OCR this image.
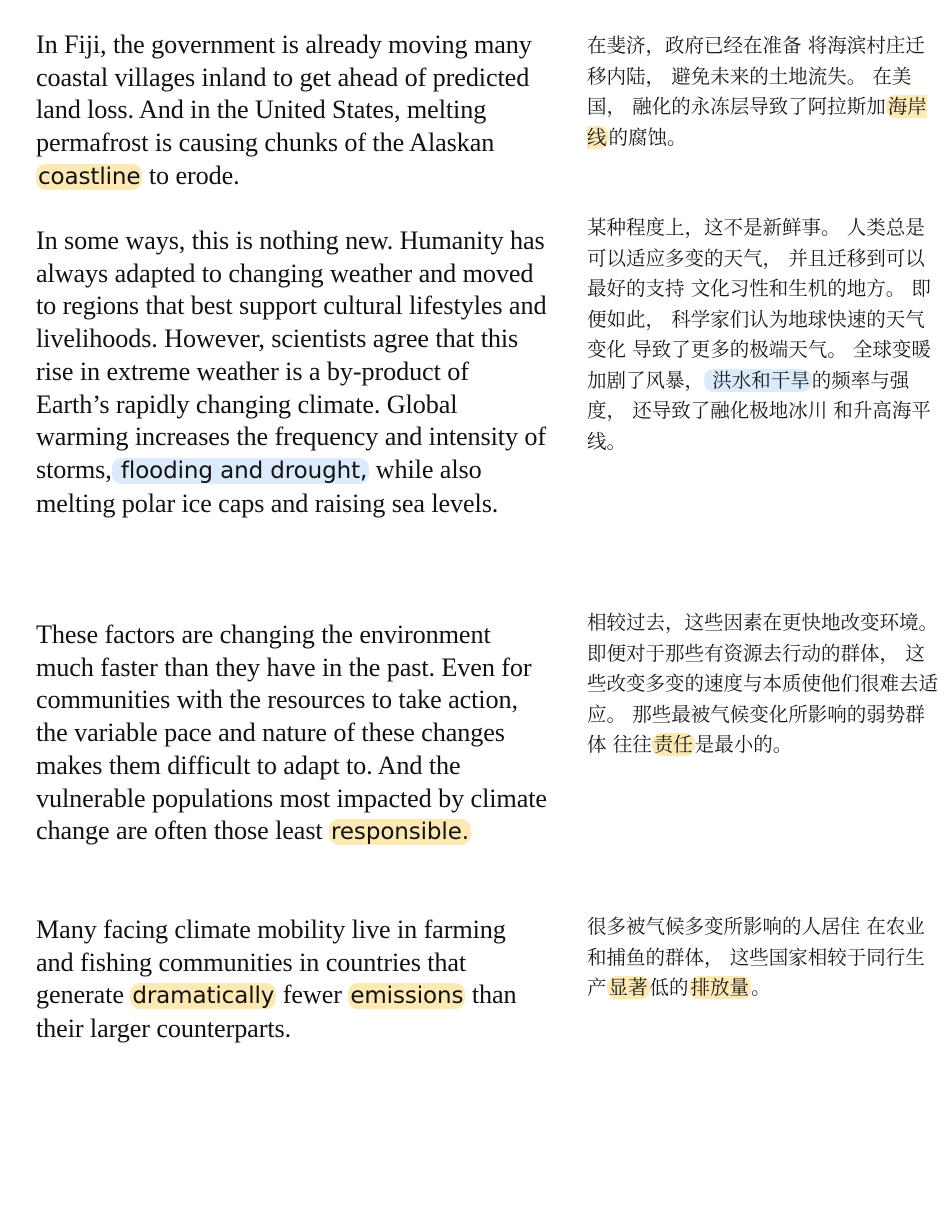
In Fiji, the government is already moving many coastal villages inland to get ahead of predicted land loss. And in the United States, melting permafrost is causing chunks of the Alaskan coastline to erode.

在斐济，政府已经在准备 将海滨村庄迁移内陆， 避免未来的土地流失。 在美国， 融化的永冻层导致了阿拉斯加 海岸线 的腐蚀。

In some ways, this is nothing new. Humanity has always adapted to changing weather and moved to regions that best support cultural lifestyles and livelihoods. However, scientists agree that this rise in extreme weather is a by-product of Earth’s rapidly changing climate. Global warming increases the frequency and intensity of storms, flooding and drought, while also melting polar ice caps and raising sea levels.

某种程度上，这不是新鲜事。 人类总是可以适应多变的天气， 并且迁移到可以最好的支持 文化习性和生机的地方。 即便如此， 科学家们认为地球快速的天气变化 导致了更多的极端天气。 全球变暖加剧了风暴， 洪水和干旱 的频率与强度， 还导致了融化极地冰川 和升高海平线。

These factors are changing the environment much faster than they have in the past. Even for communities with the resources to take action, the variable pace and nature of these changes makes them difficult to adapt to. And the vulnerable populations most impacted by climate change are often those least responsible.

相较过去，这些因素在更快地改变环境。 即便对于那些有资源去行动的群体， 这些改变多变的速度与本质使他们很难去适应。 那些最被气候变化所影响的弱势群体 往往 责任 是最小的。

Many facing climate mobility live in farming and fishing communities in countries that generate dramatically fewer emissions than their larger counterparts.

很多被气候多变所影响的人居住 在农业和捕鱼的群体， 这些国家相较于同行生产 显著 低的 排放量 。
